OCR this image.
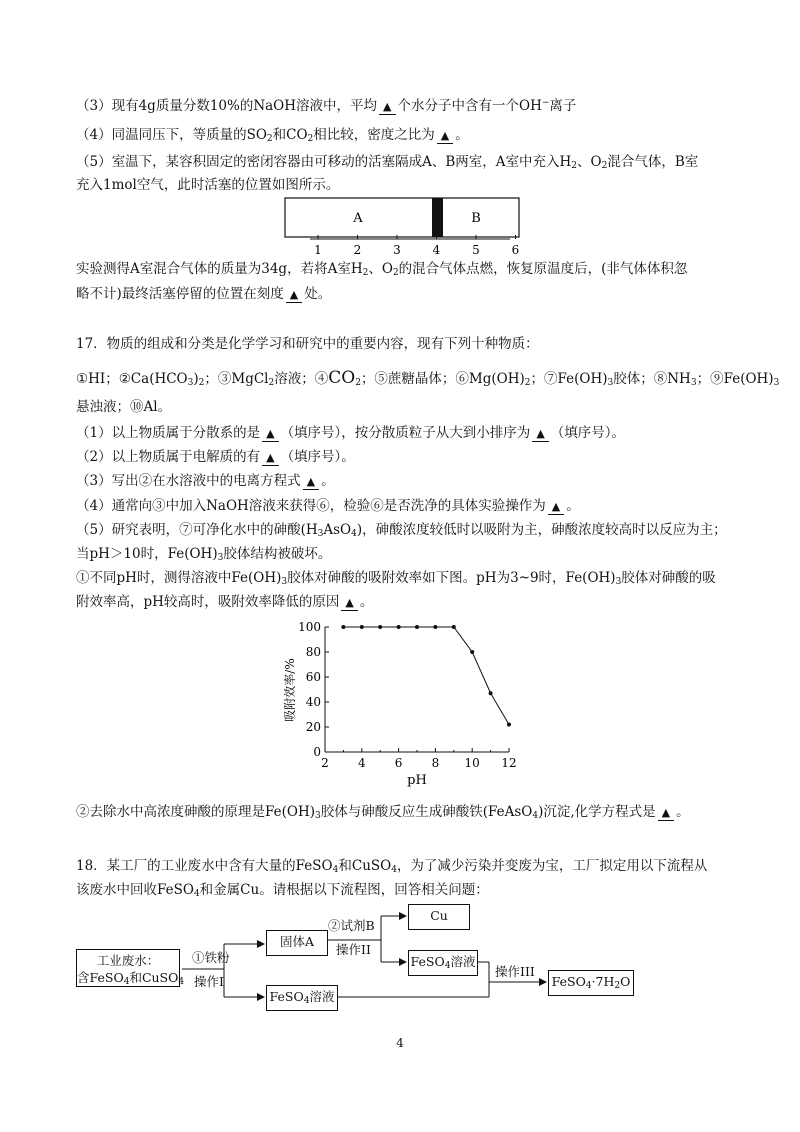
（3）现有4g质量分数10%的NaOH溶液中，平均 ▲ 个水分子中含有一个OH−离子
（4）同温同压下，等质量的$SO_2$和$CO_2$相比较，密度之比为 ▲ 。
（5）室温下，某容积固定的密闭容器由可移动的活塞隔成A、B两室，A室中充入$H_2$、$O_2$混合气体，B室
充入1mol空气，此时活塞的位置如图所示。
A	B
1	2	3	4	5	6
实验测得A室混合气体的质量为34g，若将A室$H_2$、$O_2$的混合气体点燃，恢复原温度后，(非气体体积忽
略不计)最终活塞停留的位置在刻度 ▲ 处。
17．物质的组成和分类是化学学习和研究中的重要内容，现有下列十种物质：
①HI；$②Ca(HCO_3)_2$；③MgCl$_2$溶液；$④CO_2$；⑤蔗糖晶体；$⑥Mg(OH)_2$；$⑦Fe(OH)_3$胶体；$⑧NH_3$；$⑨Fe(OH)_3$
悬浊液；⑩Al。
（1）以上物质属于分散系的是 ▲ （填序号），按分散质粒子从大到小排序为 ▲ （填序号）。
（2）以上物质属于电解质的有 ▲ （填序号）。
（3）写出②在水溶液中的电离方程式 ▲ 。
（4）通常向③中加入NaOH溶液来获得⑥，检验⑥是否洗净的具体实验操作为 ▲ 。
（5）研究表明，⑦可净化水中的砷酸$(H_3AsO_4)$，砷酸浓度较低时以吸附为主，砷酸浓度较高时以反应为主；
当pH＞10时，$Fe(OH)_3$胶体结构被破坏。
①不同pH时，测得溶液中$Fe(OH)_3$胶体对砷酸的吸附效率如下图。pH为3~9时，$Fe(OH)_3$胶体对砷酸的吸
附效率高，pH较高时，吸附效率降低的原因 ▲ 。
2 4 6 8 10 12
0
20
40
60
80
100
吸附效率/%
pH
②去除水中高浓度砷酸的原理是$Fe(OH)_3$胶体与砷酸反应生成砷酸铁(FeAsO$_4$)沉淀,化学方程式是 ▲ 。
18．某工厂的工业废水中含有大量的FeSO$_4$和CuSO$_4$，为了减少污染并变废为宝，工厂拟定用以下流程从
该废水中回收FeSO$_4$和金属Cu。请根据以下流程图，回答相关问题：
工业废水：
含FeSO$_4$和CuSO$_4$
①铁粉
操作I
固体A
②试剂B
操作II
Cu
FeSO$_4$溶液
操作III
FeSO$_4$溶液
$FeSO_4\cdot 7H_2O$
4
